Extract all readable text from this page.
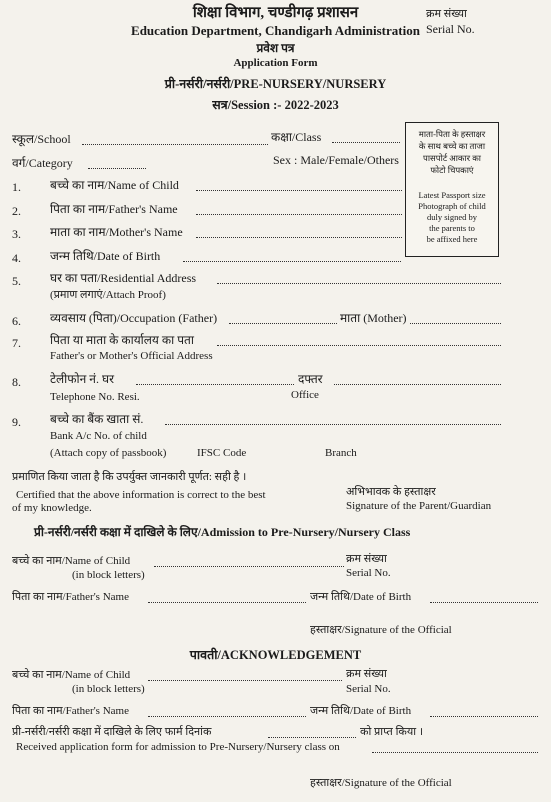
शिक्षा विभाग, चण्डीगढ़ प्रशासन
Education Department, Chandigarh Administration
प्रवेश पत्र
Application Form
प्री-नर्सरी/नर्सरी/PRE-NURSERY/NURSERY
सत्र/Session :- 2022-2023
क्रम संख्या
Serial No.
माता-पिता के हस्ताक्षर
के साथ बच्चे का ताजा
पासपोर्ट आकार का
फोटो चिपकाएं
Latest Passport size
Photograph of child
duly signed by
the parents to
be affixed here
स्कूल/School	कक्षा/Class
वर्ग/Category	Sex : Male/Female/Others
1. बच्चे का नाम/Name of Child
2. पिता का नाम/Father's Name
3. माता का नाम/Mother's Name
4. जन्म तिथि/Date of Birth
5. घर का पता/Residential Address
(प्रमाण लगाएं/Attach Proof)
6. व्यवसाय (पिता)/Occupation (Father)	माता (Mother)
7. पिता या माता के कार्यालय का पता
Father's or Mother's Official Address
8. टेलीफोन नं. घर	दफ्तर
Telephone No. Resi.	Office
9. बच्चे का बैंक खाता सं.
Bank A/c No. of child
(Attach copy of passbook)	IFSC Code	Branch
प्रमाणित किया जाता है कि उपर्युक्त जानकारी पूर्णत: सही है ।
Certified that the above information is correct to the best
of my knowledge.
अभिभावक के हस्ताक्षर
Signature of the Parent/Guardian
प्री-नर्सरी/नर्सरी कक्षा में दाखिले के लिए/Admission to Pre-Nursery/Nursery Class
बच्चे का नाम/Name of Child
(in block letters)
क्रम संख्या
Serial No.
पिता का नाम/Father's Name	जन्म तिथि/Date of Birth
हस्ताक्षर/Signature of the Official
पावती/ACKNOWLEDGEMENT
बच्चे का नाम/Name of Child
(in block letters)
क्रम संख्या
Serial No.
पिता का नाम/Father's Name	जन्म तिथि/Date of Birth
प्री-नर्सरी/नर्सरी कक्षा में दाखिले के लिए फार्म दिनांक	को प्राप्त किया ।
Received application form for admission to Pre-Nursery/Nursery class on
हस्ताक्षर/Signature of the Official
